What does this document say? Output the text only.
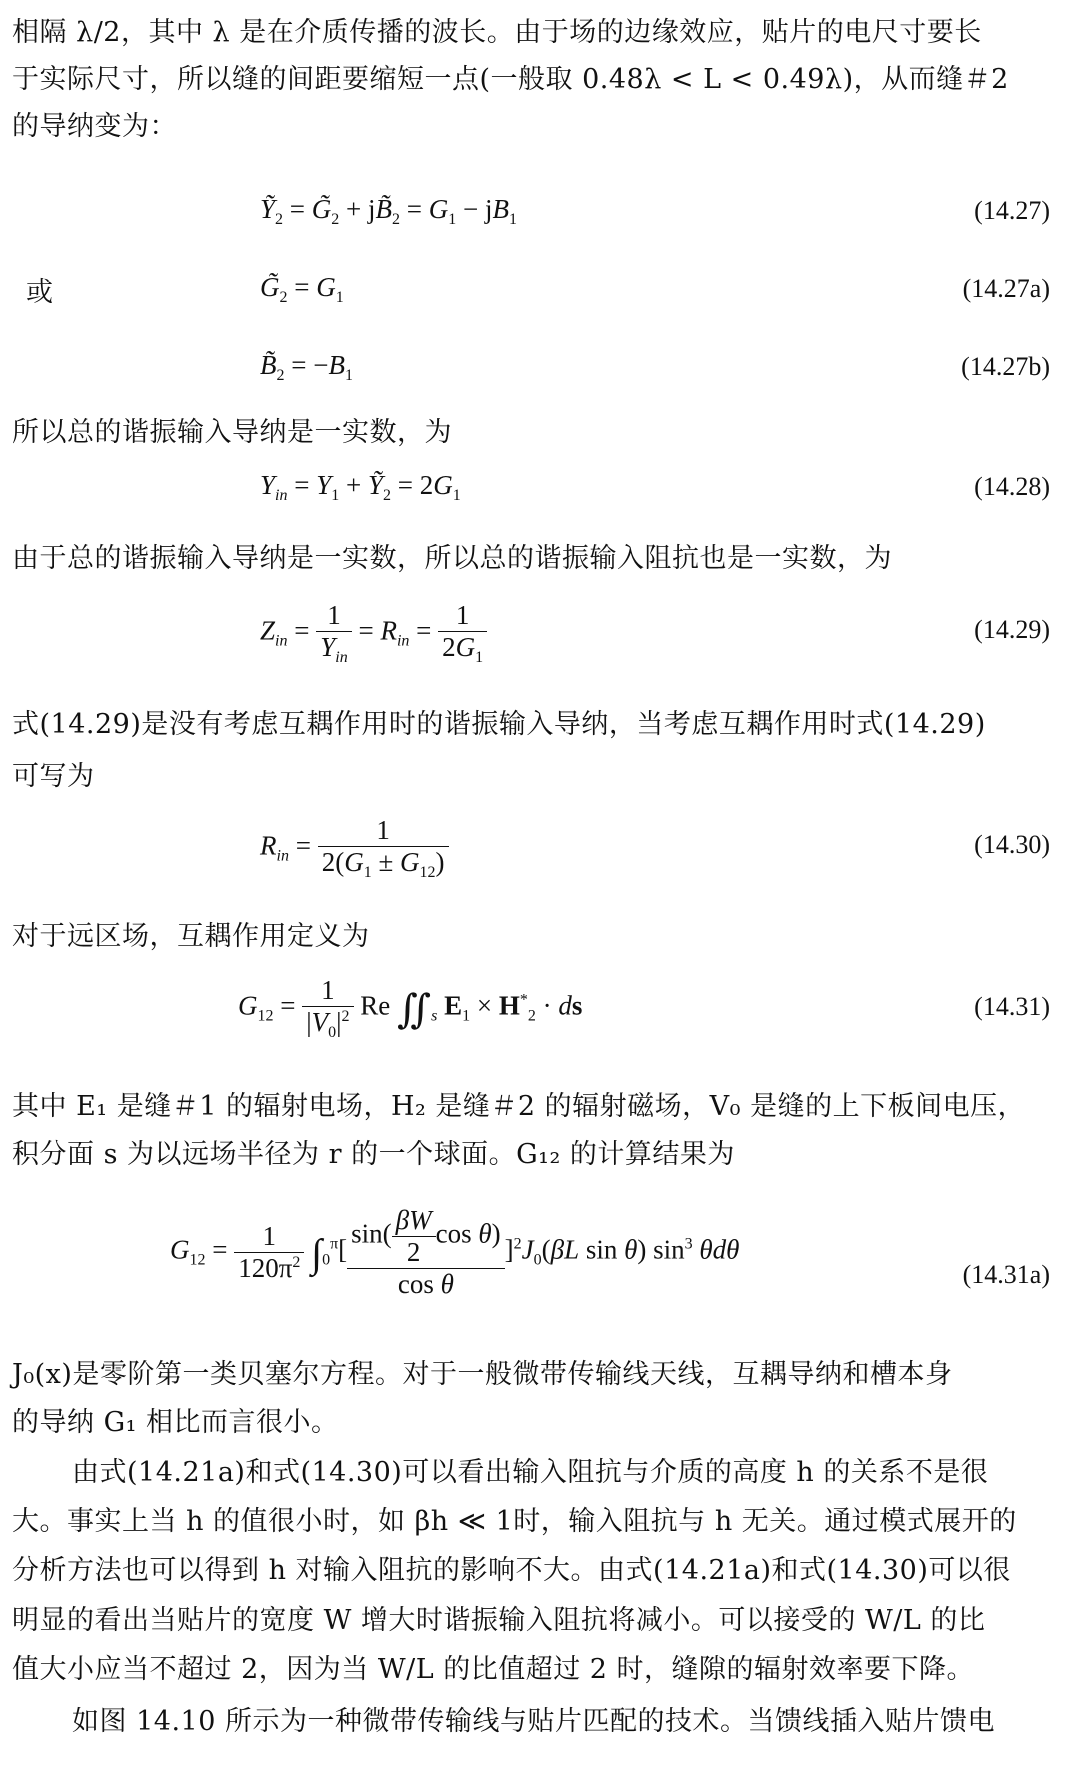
相隔 λ/2，其中 λ 是在介质传播的波长。由于场的边缘效应，贴片的电尺寸要长
于实际尺寸，所以缝的间距要缩短一点(一般取 0.48λ < L < 0.49λ)，从而缝＃2
的导纳变为：
Ỹ$_2$ = $G̃_2$ + $jB̃_2 = G_1 - jB_1$	(14.27)
或	$G̃_2 = G_1$	(14.27a)
$B̃_2 = -B_1$	(14.27b)
所以总的谐振输入导纳是一实数，为
$Y_{in} = Y_1$ + Ỹ$_2$ = $2G_1$	(14.28)
由于总的谐振输入导纳是一实数，所以总的谐振输入阻抗也是一实数，为
$Z_{in} = \frac{1}{Y_{in}} = R_{in} = \frac{1}{2G_1}$	(14.29)
式(14.29)是没有考虑互耦作用时的谐振输入导纳，当考虑互耦作用时式(14.29)
可写为
$R_{in} = \frac{1}{2(G_1 \pm G_{12})}$	(14.30)
对于远区场，互耦作用定义为
$G_{12} = \frac{1}{|V_0|^2}$ Re $∬_s$ $E_1 \times H^*_2$ · ds	(14.31)
其中 E₁ 是缝＃1 的辐射电场，H₂ 是缝＃2 的辐射磁场，V₀ 是缝的上下板间电压，
积分面 s 为以远场半径为 r 的一个球面。G₁₂ 的计算结果为
$G_{12} = \frac{1}{120\pi^2} \int_0^\pi[ \frac{\sin( \frac{\beta W}{2} \cos \theta)}{\text{cos θ}} ]^2J_0(\beta L$ sin θ) $\sin^3 \theta d\theta$
(14.31a)
J₀(x)是零阶第一类贝塞尔方程。对于一般微带传输线天线，互耦导纳和槽本身
的导纳 G₁ 相比而言很小。
由式(14.21a)和式(14.30)可以看出输入阻抗与介质的高度 h 的关系不是很
大。事实上当 h 的值很小时，如 βh ≪ 1时，输入阻抗与 h 无关。通过模式展开的
分析方法也可以得到 h 对输入阻抗的影响不大。由式(14.21a)和式(14.30)可以很
明显的看出当贴片的宽度 W 增大时谐振输入阻抗将减小。可以接受的 W/L 的比
值大小应当不超过 2，因为当 W/L 的比值超过 2 时，缝隙的辐射效率要下降。
如图 14.10 所示为一种微带传输线与贴片匹配的技术。当馈线插入贴片馈电
